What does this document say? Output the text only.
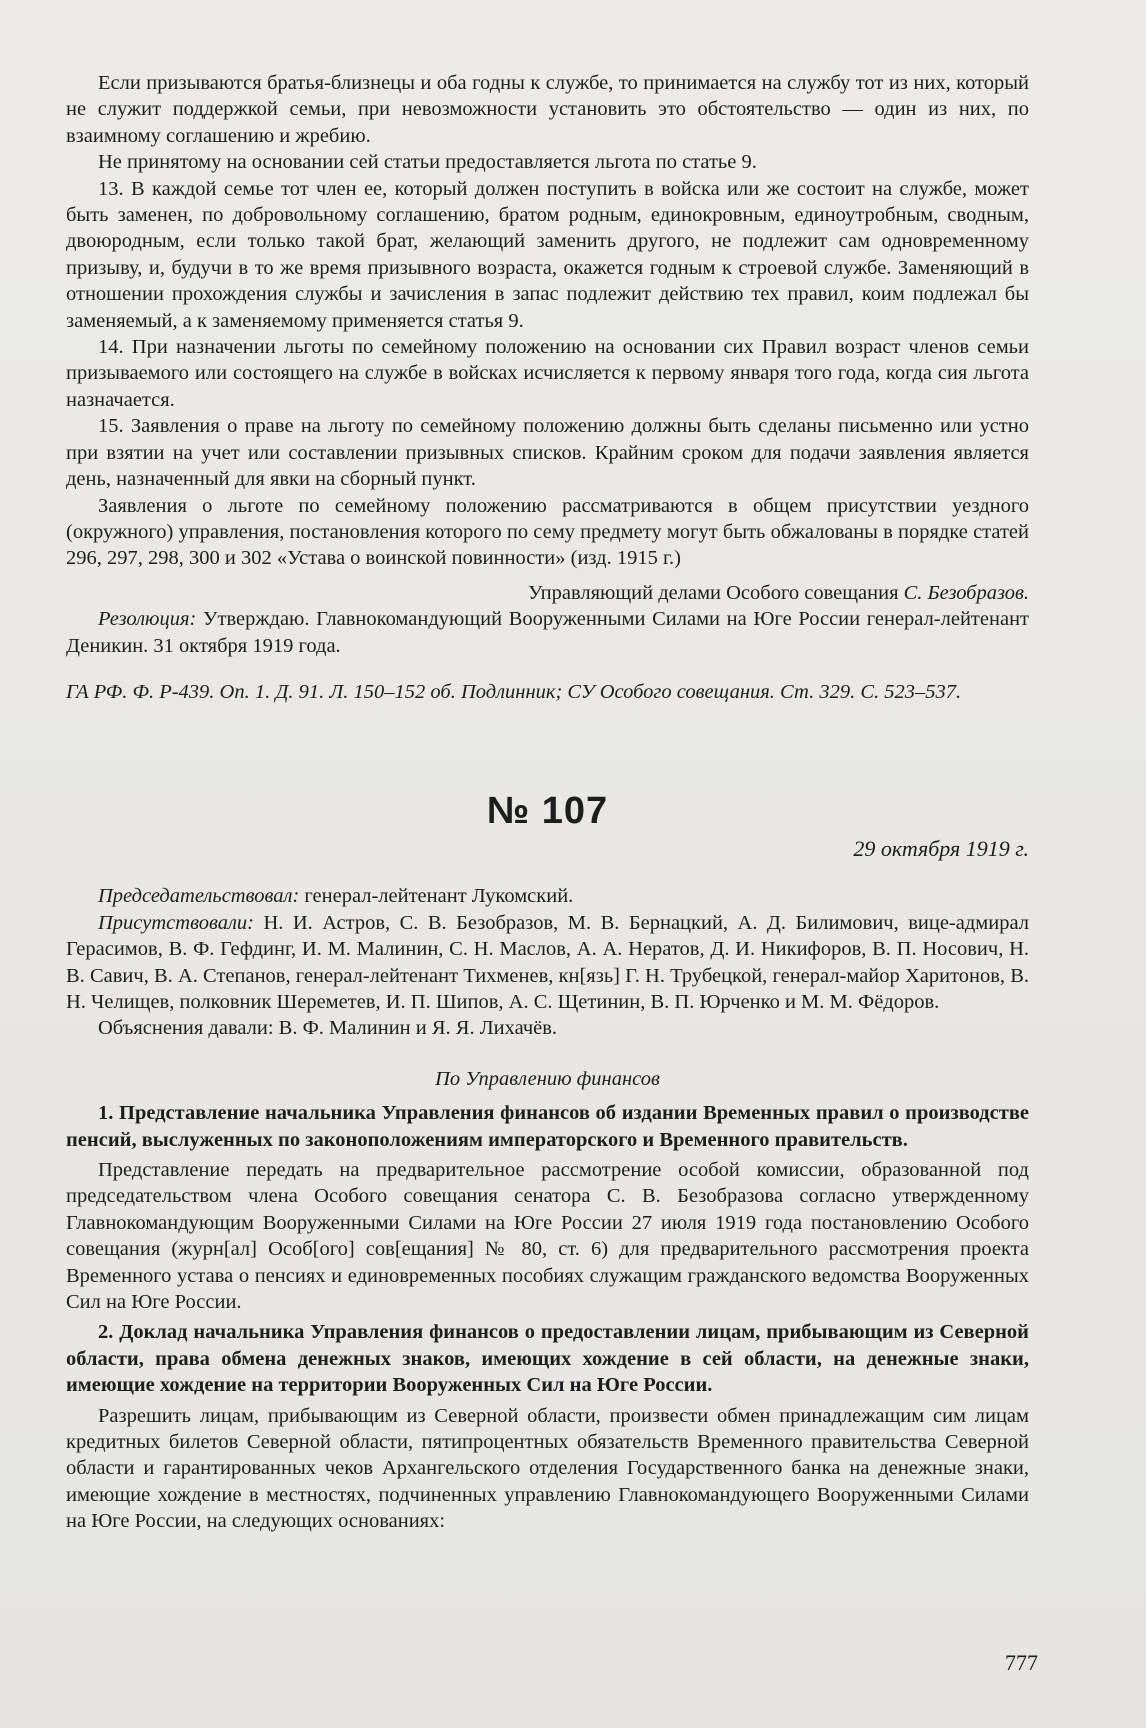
Если призываются братья-близнецы и оба годны к службе, то принимается на службу тот из них, который не служит поддержкой семьи, при невозможности установить это обстоятельство — один из них, по взаимному соглашению и жребию.

Не принятому на основании сей статьи предоставляется льгота по статье 9.

13. В каждой семье тот член ее, который должен поступить в войска или же состоит на службе, может быть заменен, по добровольному соглашению, братом родным, единокровным, единоутробным, сводным, двоюродным, если только такой брат, желающий заменить другого, не подлежит сам одновременному призыву, и, будучи в то же время призывного возраста, окажется годным к строевой службе. Заменяющий в отношении прохождения службы и зачисления в запас подлежит действию тех правил, коим подлежал бы заменяемый, а к заменяемому применяется статья 9.

14. При назначении льготы по семейному положению на основании сих Правил возраст членов семьи призываемого или состоящего на службе в войсках исчисляется к первому января того года, когда сия льгота назначается.

15. Заявления о праве на льготу по семейному положению должны быть сделаны письменно или устно при взятии на учет или составлении призывных списков. Крайним сроком для подачи заявления является день, назначенный для явки на сборный пункт.

Заявления о льготе по семейному положению рассматриваются в общем присутствии уездного (окружного) управления, постановления которого по сему предмету могут быть обжалованы в порядке статей 296, 297, 298, 300 и 302 «Устава о воинской повинности» (изд. 1915 г.)

Управляющий делами Особого совещания С. Безобразов.

Резолюция: Утверждаю. Главнокомандующий Вооруженными Силами на Юге России генерал-лейтенант Деникин. 31 октября 1919 года.

ГА РФ. Ф. Р-439. Оп. 1. Д. 91. Л. 150–152 об. Подлинник; СУ Особого совещания. Ст. 329. С. 523–537.

№ 107
29 октября 1919 г.

Председательствовал: генерал-лейтенант Лукомский.

Присутствовали: Н. И. Астров, С. В. Безобразов, М. В. Бернацкий, А. Д. Билимович, вице-адмирал Герасимов, В. Ф. Гефдинг, И. М. Малинин, С. Н. Маслов, А. А. Нератов, Д. И. Никифоров, В. П. Носович, Н. В. Савич, В. А. Степанов, генерал-лейтенант Тихменев, кн[язь] Г. Н. Трубецкой, генерал-майор Харитонов, В. Н. Челищев, полковник Шереметев, И. П. Шипов, А. С. Щетинин, В. П. Юрченко и М. М. Фёдоров.

Объяснения давали: В. Ф. Малинин и Я. Я. Лихачёв.

По Управлению финансов

1. Представление начальника Управления финансов об издании Временных правил о производстве пенсий, выслуженных по законоположениям императорского и Временного правительств.

Представление передать на предварительное рассмотрение особой комиссии, образованной под председательством члена Особого совещания сенатора С. В. Безобразова согласно утвержденному Главнокомандующим Вооруженными Силами на Юге России 27 июля 1919 года постановлению Особого совещания (журн[ал] Особ[ого] сов[ещания] № 80, ст. 6) для предварительного рассмотрения проекта Временного устава о пенсиях и единовременных пособиях служащим гражданского ведомства Вооруженных Сил на Юге России.

2. Доклад начальника Управления финансов о предоставлении лицам, прибывающим из Северной области, права обмена денежных знаков, имеющих хождение в сей области, на денежные знаки, имеющие хождение на территории Вооруженных Сил на Юге России.

Разрешить лицам, прибывающим из Северной области, произвести обмен принадлежащим сим лицам кредитных билетов Северной области, пятипроцентных обязательств Временного правительства Северной области и гарантированных чеков Архангельского отделения Государственного банка на денежные знаки, имеющие хождение в местностях, подчиненных управлению Главнокомандующего Вооруженными Силами на Юге России, на следующих основаниях:

777
